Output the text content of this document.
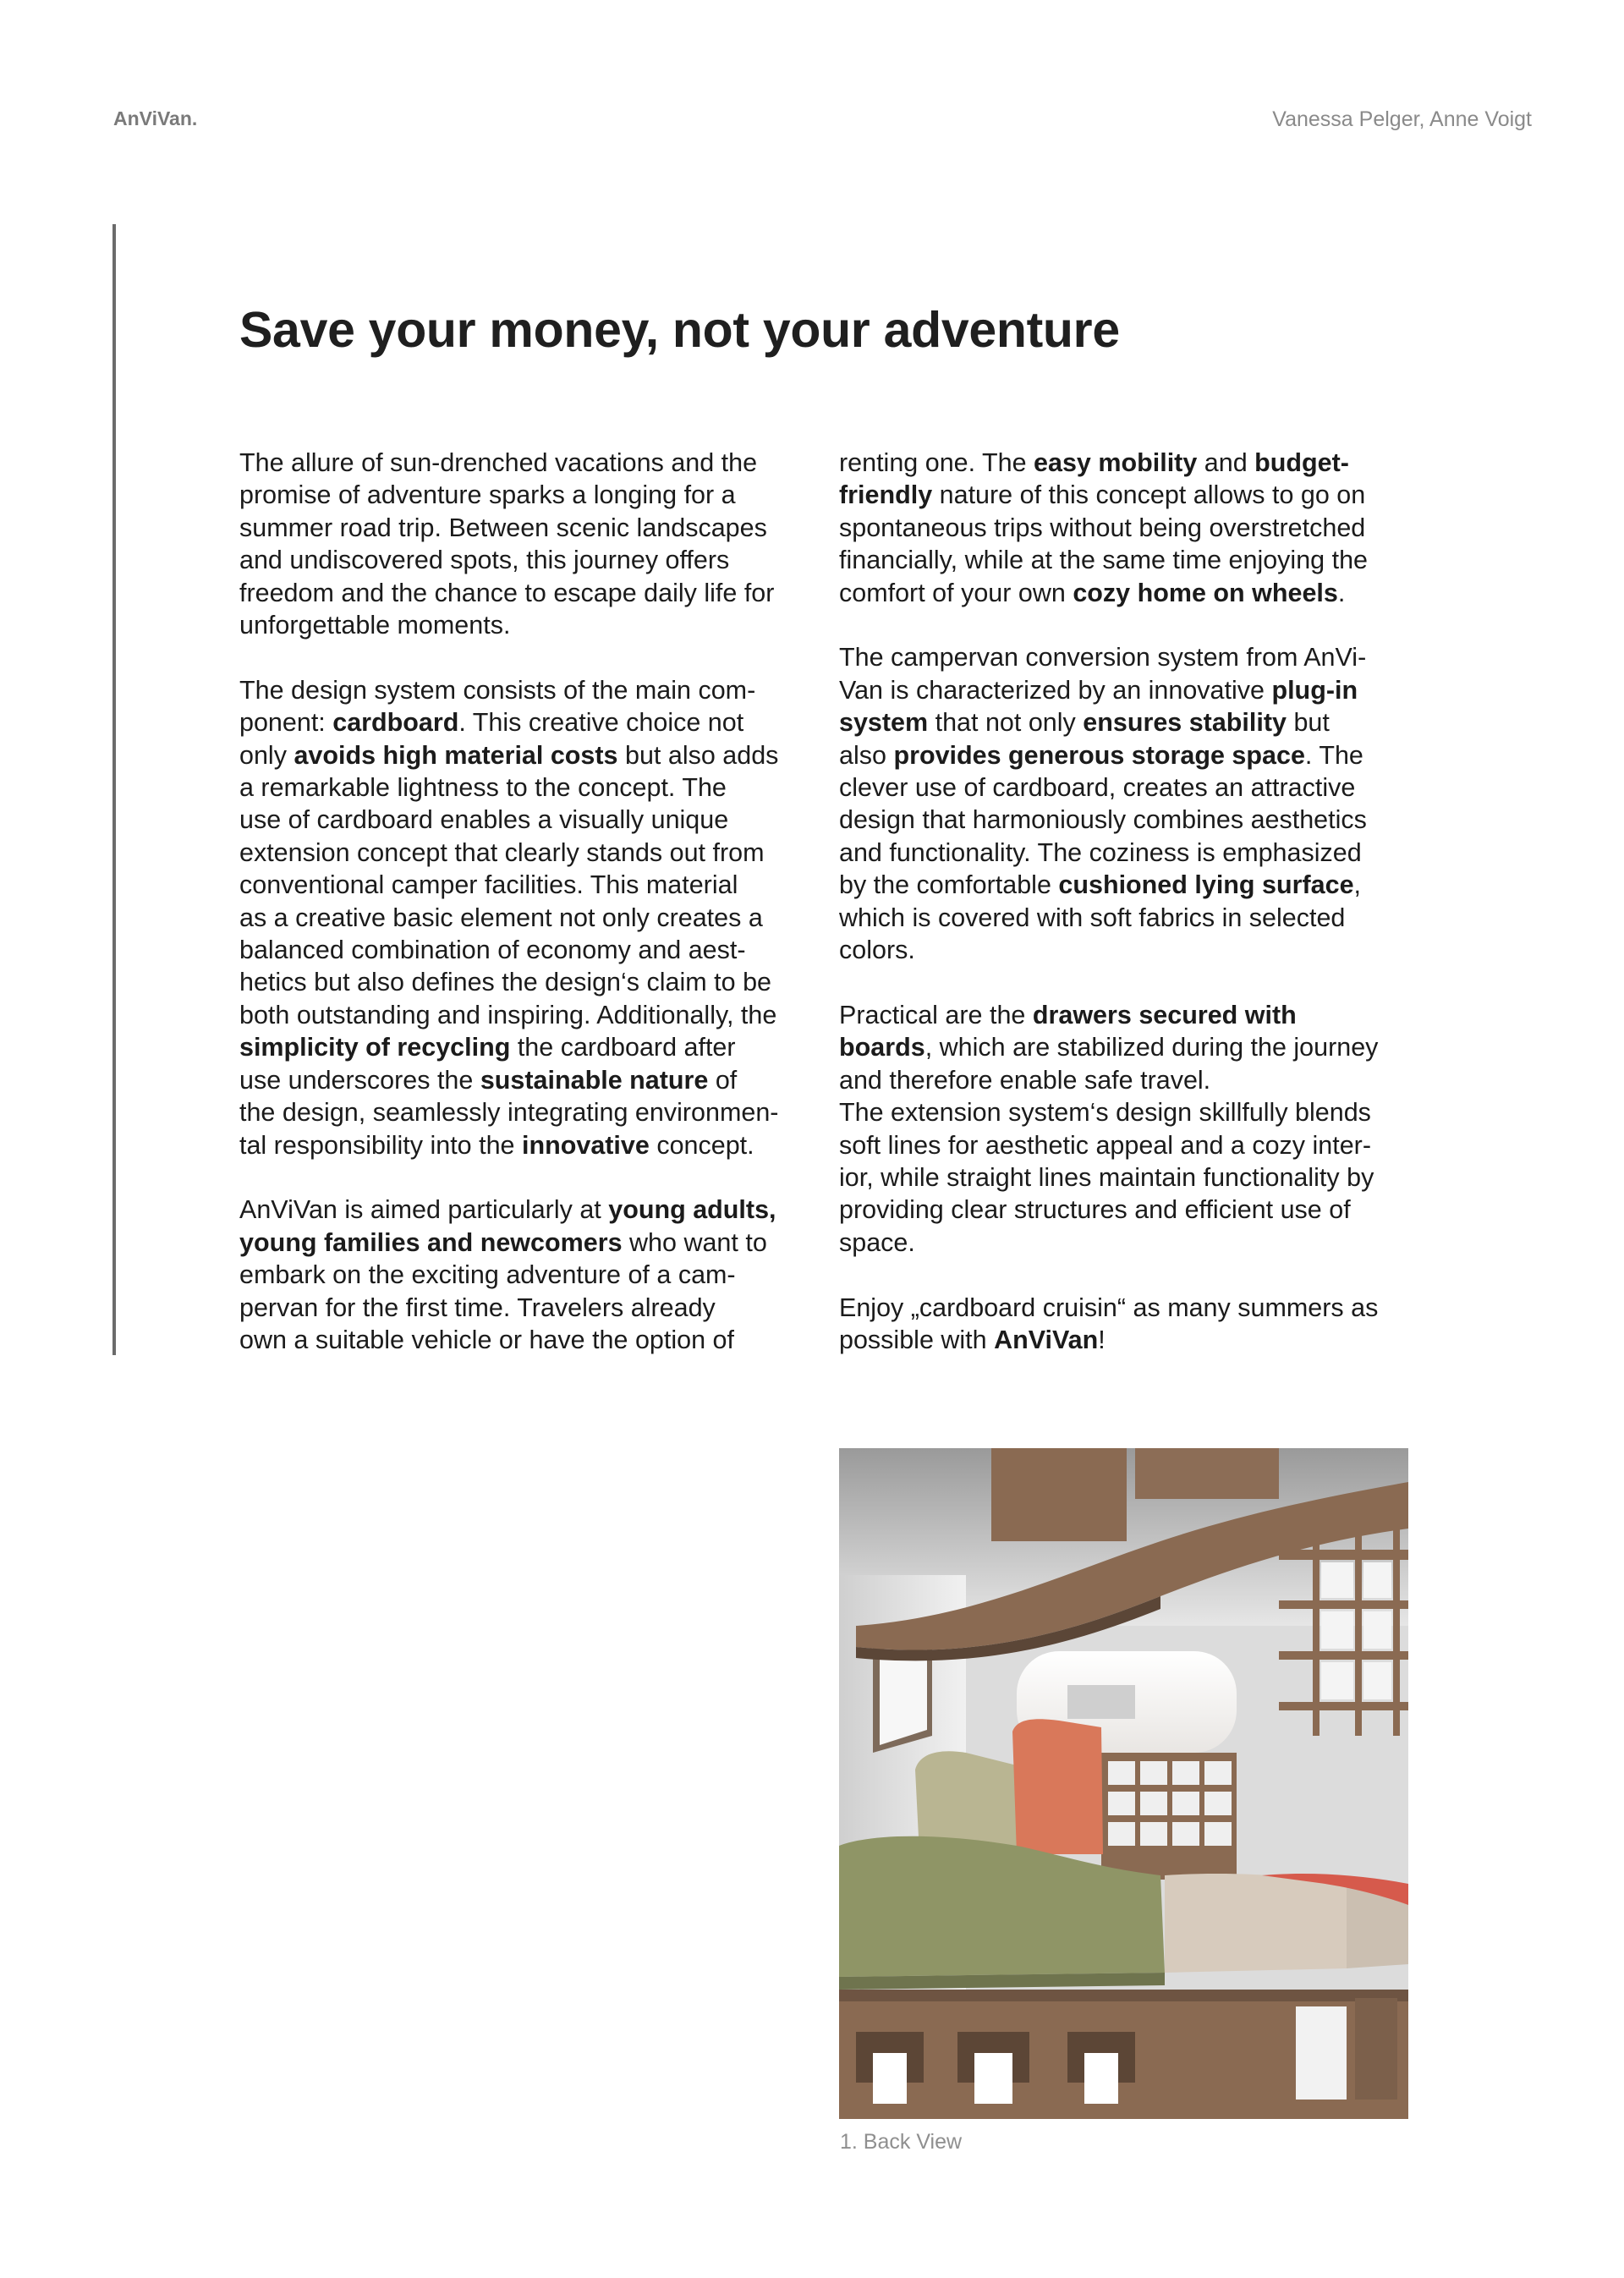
AnViVan.	Vanessa Pelger, Anne Voigt
Save your money, not your adventure

The allure of sun-drenched vacations and the
promise of adventure sparks a longing for a
summer road trip. Between scenic landscapes
and undiscovered spots, this journey offers
freedom and the chance to escape daily life for
unforgettable moments.

The design system consists of the main com-
ponent: cardboard. This creative choice not
only avoids high material costs but also adds
a remarkable lightness to the concept. The
use of cardboard enables a visually unique
extension concept that clearly stands out from
conventional camper facilities. This material
as a creative basic element not only creates a
balanced combination of economy and aest-
hetics but also defines the design‘s claim to be
both outstanding and inspiring. Additionally, the
simplicity of recycling the cardboard after
use underscores the sustainable nature of
the design, seamlessly integrating environmen-
tal responsibility into the innovative concept.

AnViVan is aimed particularly at young adults,
young families and newcomers who want to
embark on the exciting adventure of a cam-
pervan for the first time. Travelers already
own a suitable vehicle or have the option of

renting one. The easy mobility and budget-
friendly nature of this concept allows to go on
spontaneous trips without being overstretched
financially, while at the same time enjoying the
comfort of your own cozy home on wheels.

The campervan conversion system from AnVi-
Van is characterized by an innovative plug-in
system that not only ensures stability but
also provides generous storage space. The
clever use of cardboard, creates an attractive
design that harmoniously combines aesthetics
and functionality. The coziness is emphasized
by the comfortable cushioned lying surface,
which is covered with soft fabrics in selected
colors.

Practical are the drawers secured with
boards, which are stabilized during the journey
and therefore enable safe travel.
The extension system‘s design skillfully blends
soft lines for aesthetic appeal and a cozy inter-
ior, while straight lines maintain functionality by
providing clear structures and efficient use of
space.

Enjoy „cardboard cruisin“ as many summers as
possible with AnViVan!

1. Back View
